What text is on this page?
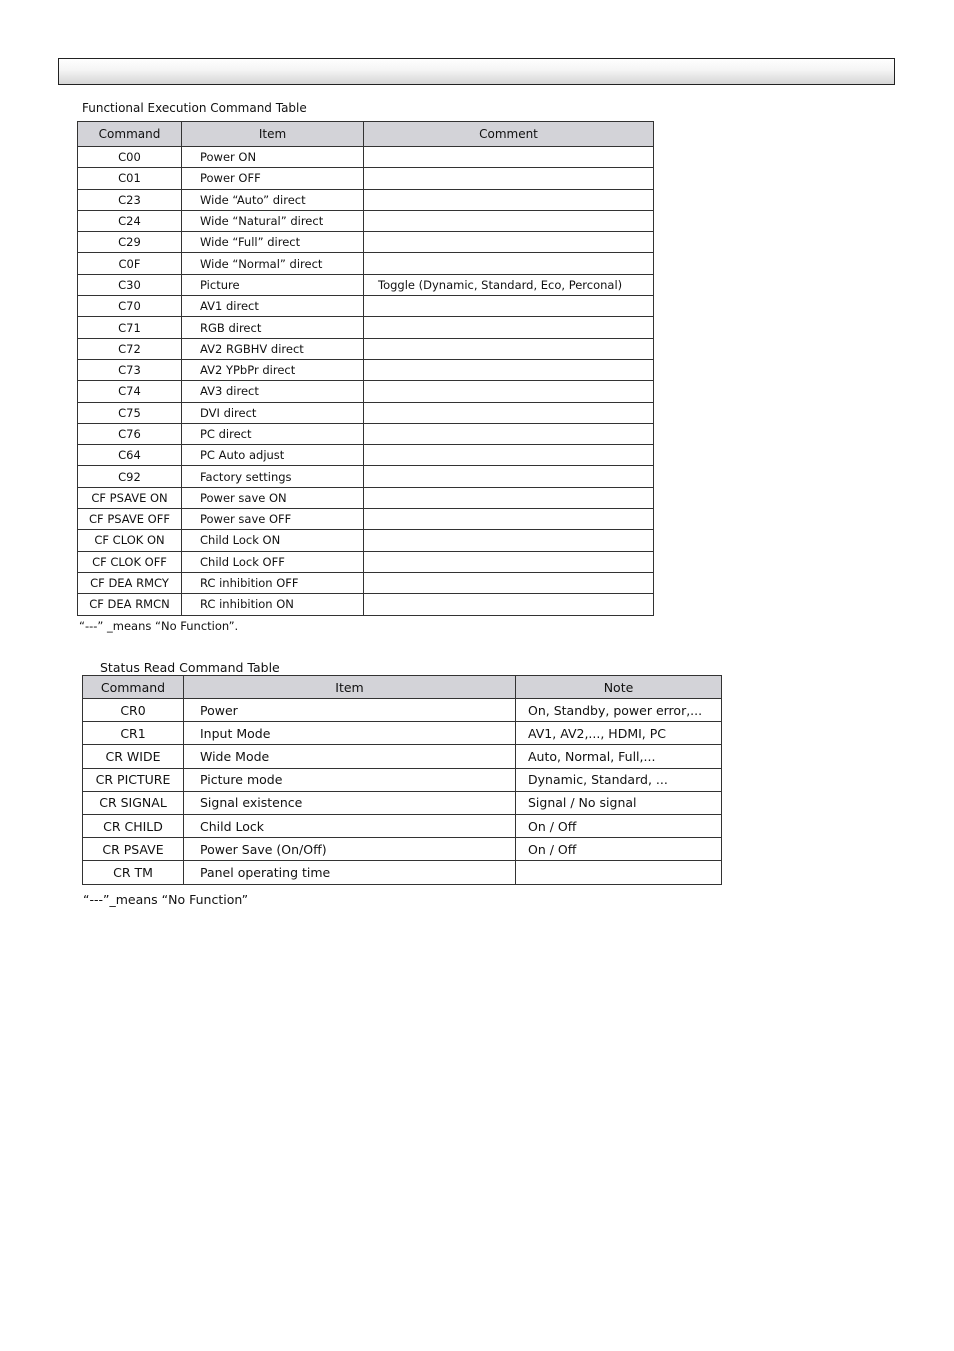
Functional Execution Command Table
Command	Item	Comment
C00	Power ON	
C01	Power OFF	
C23	Wide “Auto” direct	
C24	Wide “Natural” direct	
C29	Wide “Full” direct	
C0F	Wide “Normal” direct	
C30	Picture	Toggle (Dynamic, Standard, Eco, Perconal)
C70	AV1 direct	
C71	RGB direct	
C72	AV2 RGBHV direct	
C73	AV2 YPbPr direct	
C74	AV3 direct	
C75	DVI direct	
C76	PC direct	
C64	PC Auto adjust	
C92	Factory settings	
CF PSAVE ON	Power save ON	
CF PSAVE OFF	Power save OFF	
CF CLOK ON	Child Lock ON	
CF CLOK OFF	Child Lock OFF	
CF DEA RMCY	RC inhibition OFF	
CF DEA RMCN	RC inhibition ON	
“---” _means “No Function”.
Status Read Command Table
Command	Item	Note
CR0	Power	On, Standby, power error,...
CR1	Input Mode	AV1, AV2,..., HDMI, PC
CR WIDE	Wide Mode	Auto, Normal, Full,...
CR PICTURE	Picture mode	Dynamic, Standard, ...
CR SIGNAL	Signal existence	Signal / No signal
CR CHILD	Child Lock	On / Off
CR PSAVE	Power Save (On/Off)	On / Off
CR TM	Panel operating time	
“---”_means “No Function”
